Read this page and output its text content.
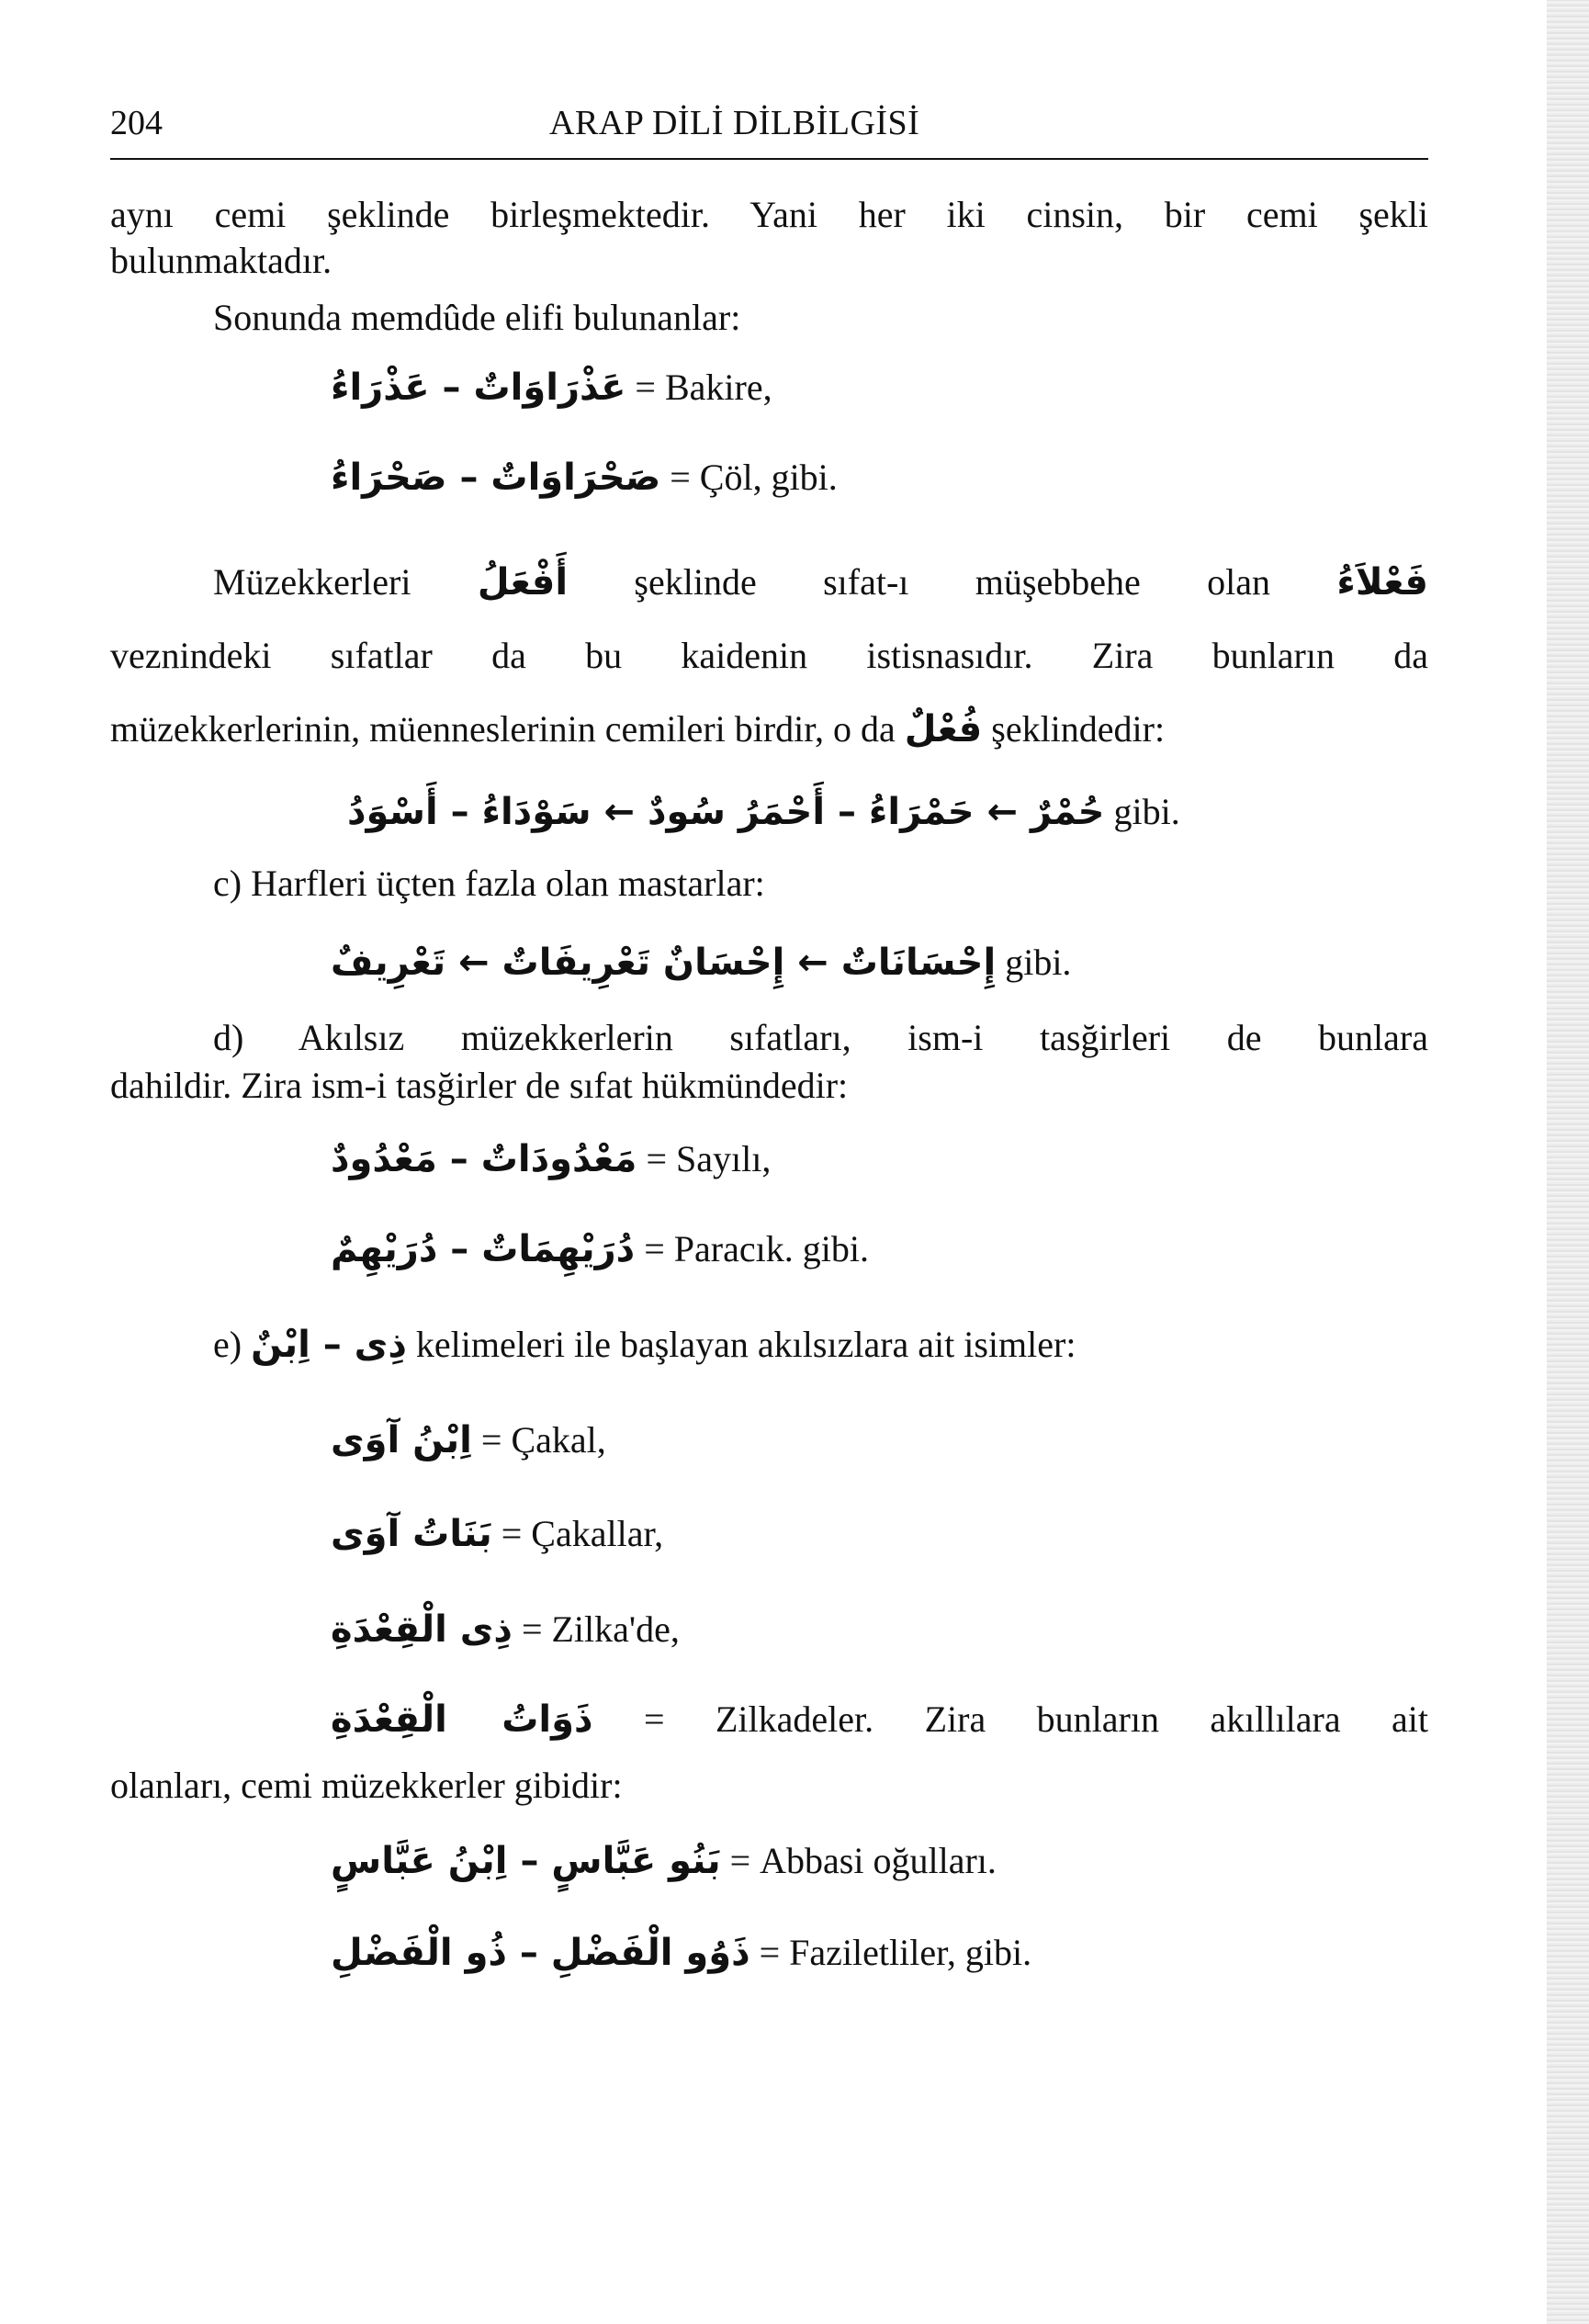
204	ARAP DİLİ DİLBİLGİSİ
aynı cemi şeklinde birleşmektedir. Yani her iki cinsin, bir cemi şekli
bulunmaktadır.
Sonunda memdûde elifi bulunanlar:
عَذْرَاوَاتٌ – عَذْرَاءُ = Bakire,
صَحْرَاوَاتٌ – صَحْرَاءُ = Çöl, gibi.
Müzekkerleri أَفْعَلُ şeklinde sıfat-ı müşebbehe olan فَعْلاَءُ
veznindeki sıfatlar da bu kaidenin istisnasıdır. Zira bunların da
müzekkerlerinin, müenneslerinin cemileri birdir, o da فُعْلٌ şeklindedir:
حُمْرٌ ← حَمْرَاءُ – أَحْمَرُ سُودٌ ← سَوْدَاءُ – أَسْوَدُ gibi.
c) Harfleri üçten fazla olan mastarlar:
إِحْسَانَاتٌ ← إِحْسَانٌ تَعْرِيفَاتٌ ← تَعْرِيفٌ gibi.
d) Akılsız müzekkerlerin sıfatları, ism-i tasğirleri de bunlara
dahildir. Zira ism-i tasğirler de sıfat hükmündedir:
مَعْدُودَاتٌ – مَعْدُودٌ = Sayılı,
دُرَيْهِمَاتٌ – دُرَيْهِمٌ = Paracık. gibi.
e) ذِى – اِبْنٌ kelimeleri ile başlayan akılsızlara ait isimler:
اِبْنُ آوَى = Çakal,
بَنَاتُ آوَى = Çakallar,
ذِى الْقِعْدَةِ = Zilka'de,
ذَوَاتُ الْقِعْدَةِ = Zilkadeler. Zira bunların akıllılara ait
olanları, cemi müzekkerler gibidir:
بَنُو عَبَّاسٍ – اِبْنُ عَبَّاسٍ = Abbasi oğulları.
ذَوُو الْفَضْلِ – ذُو الْفَضْلِ = Faziletliler, gibi.
